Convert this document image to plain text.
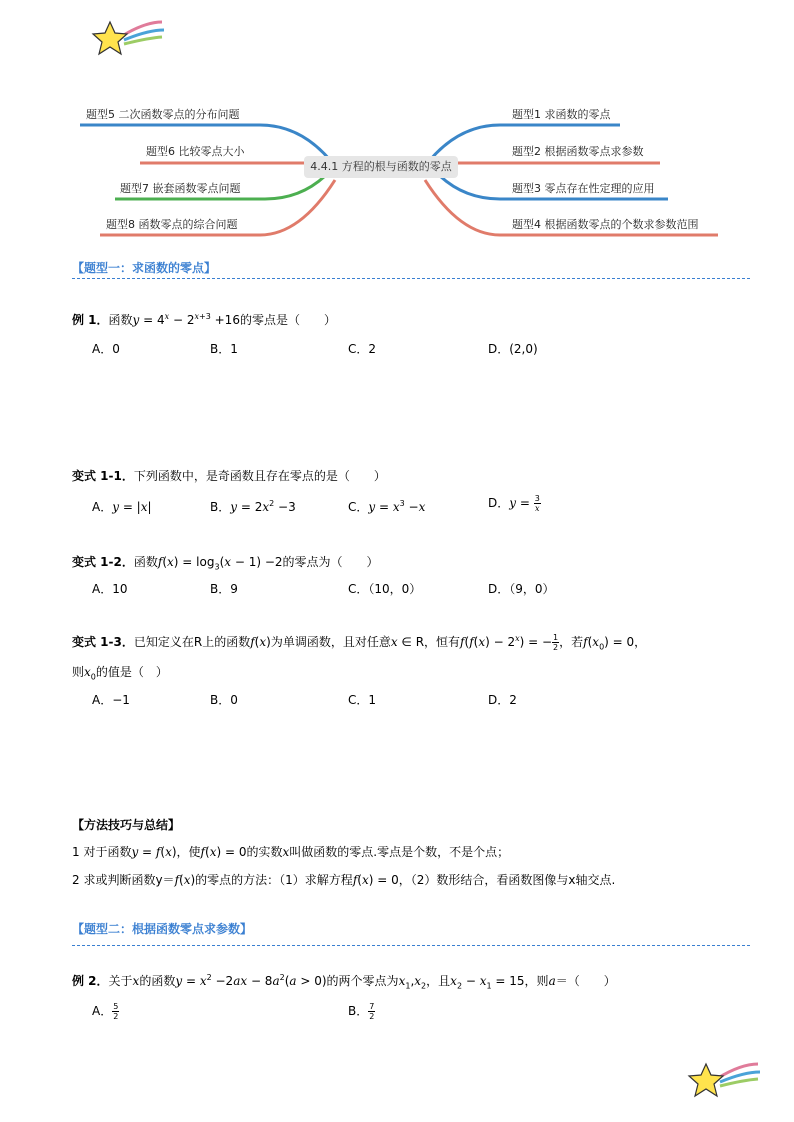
题型5 二次函数零点的分布问题
题型6 比较零点大小
题型7 嵌套函数零点问题
题型8 函数零点的综合问题
题型1 求函数的零点
题型2 根据函数零点求参数
题型3 零点存在性定理的应用
题型4 根据函数零点的个数求参数范围
4.4.1 方程的根与函数的零点
【题型一：求函数的零点】
例 1．函数$y = 4^x - 2^{x+3} +16$的零点是（　　）
A．0	B．1	C．2	D．(2,0)
变式 1-1．下列函数中，是奇函数且存在零点的是（　　）
A．y = |x|	B．$y = 2x^2 -3$	C．$y = x^3 -x$	D．$y = \frac{3}{x}$
变式 1-2．函数$f(x) = \log_3(x - 1) -2$的零点为（　　）
A．10	B．9	C．（10，0）	D．（9，0）
变式 1-3．已知定义在R上的函数f(x)为单调函数，且对任意x ∈ R，恒有$f(f(x) - 2^x)$ = − $\frac{1}{2}$ ，若$f(x_0) = 0$，
则$x_0$的值是（　）
A．−1	B．0	C．1	D．2
【方法技巧与总结】
1 对于函数y = f(x)，使f(x) = 0的实数x叫做函数的零点.零点是个数，不是个点；
2 求或判断函数y＝f(x)的零点的方法：（1）求解方程f(x) = 0，（2）数形结合，看函数图像与x轴交点.
【题型二：根据函数零点求参数】
例 2．关于x的函数$y = x^2 -2ax - 8a^2(a > 0)$的两个零点为$x_1,x_2$，且$x_2 - x_1 = 15$，则a＝（　　）
A． $\frac{5}{2}$	B． $\frac{7}{2}$
